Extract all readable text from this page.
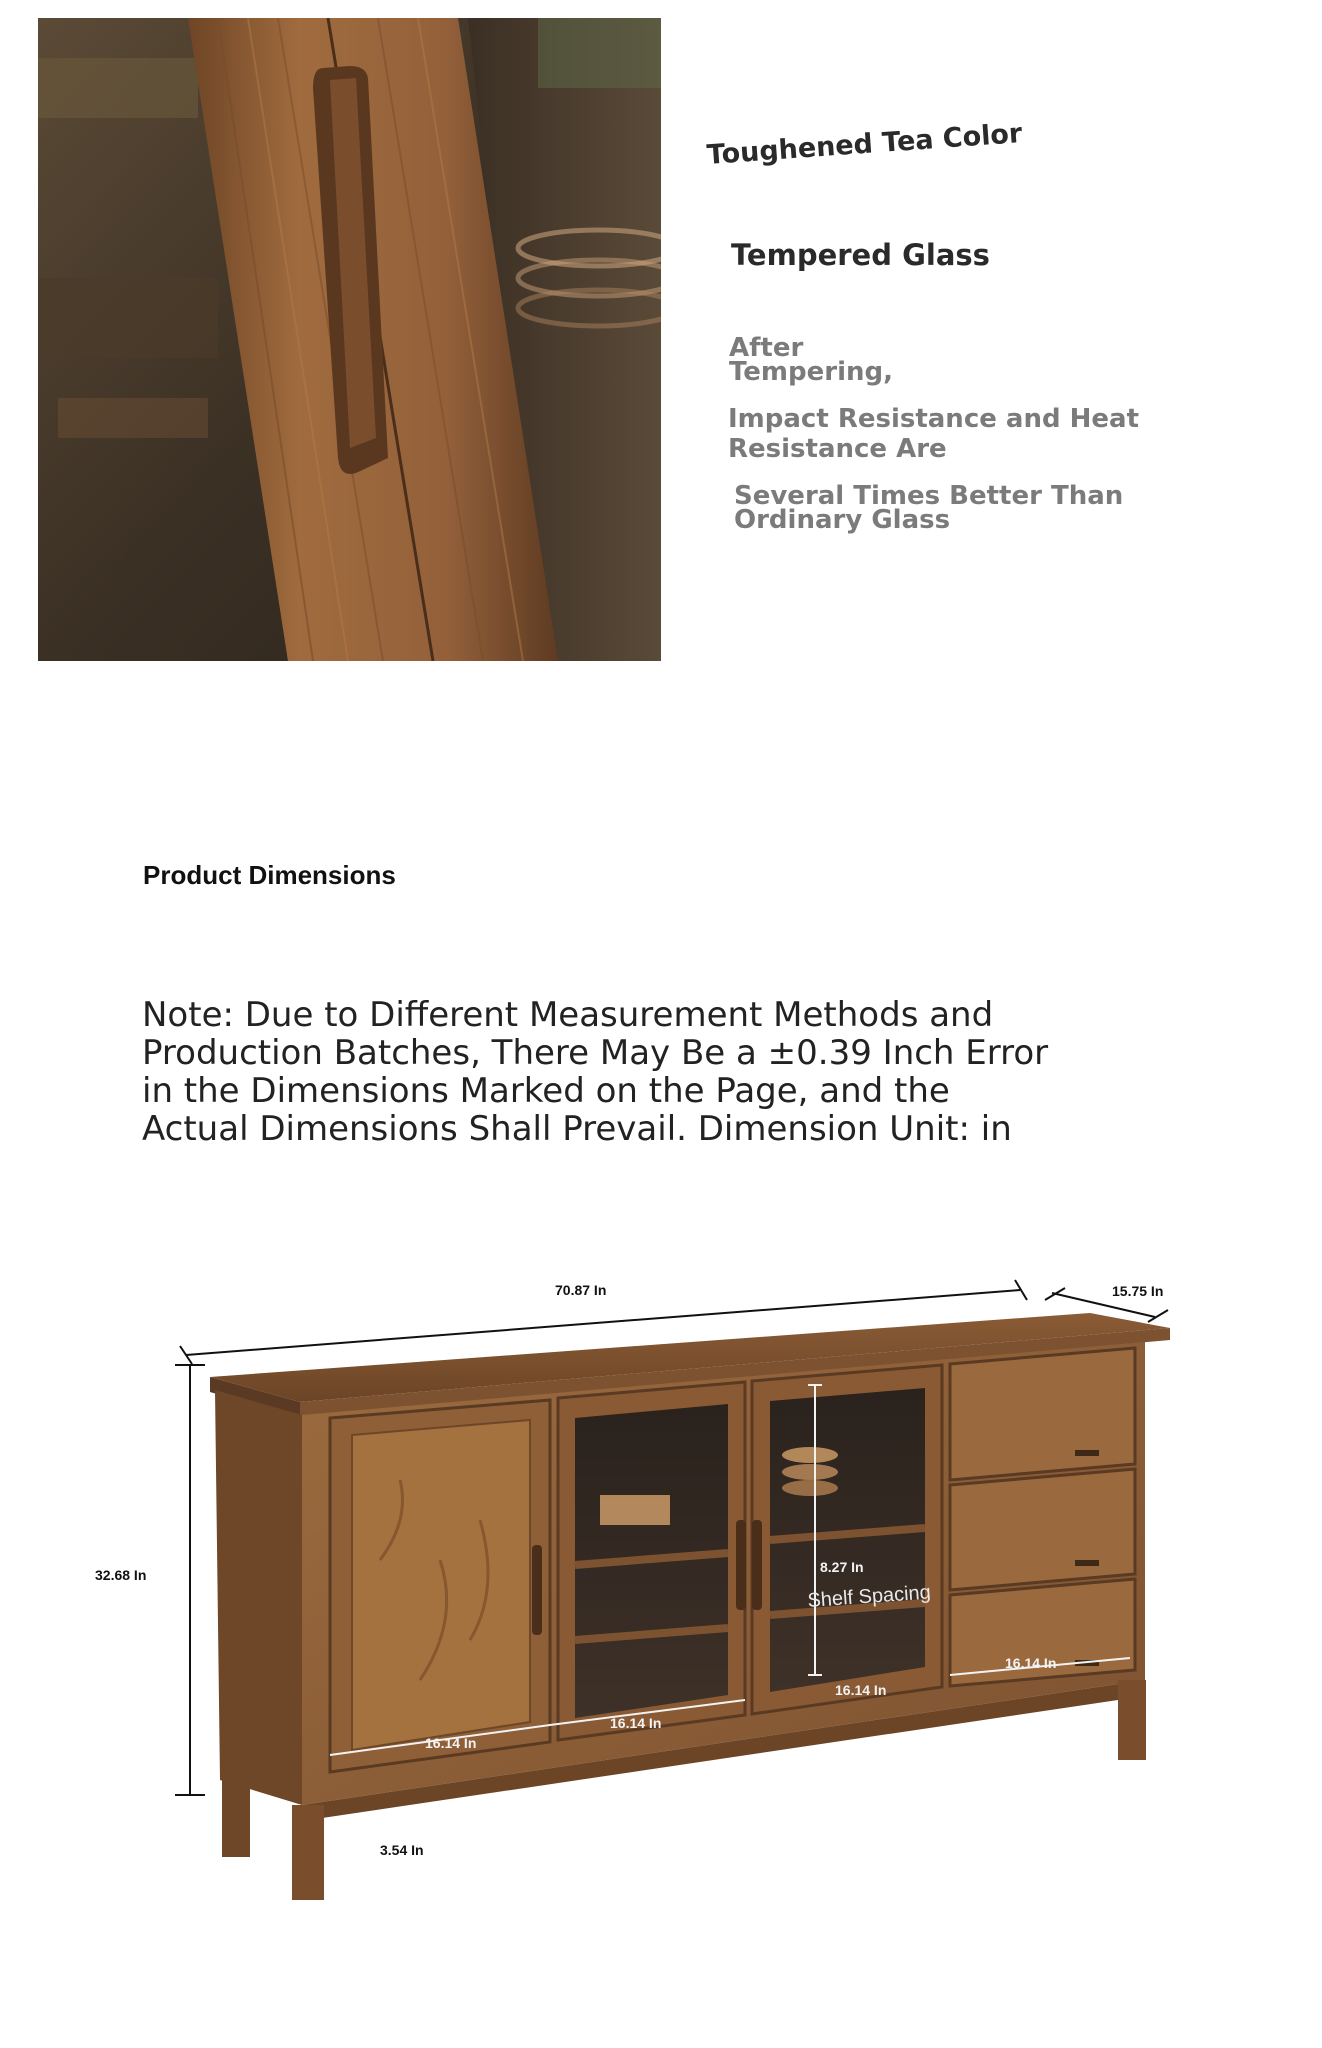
Toughened Tea Color
Tempered Glass
After
Tempering,
Impact Resistance and Heat
Resistance Are
Several Times Better Than
Ordinary Glass
Product Dimensions
Note: Due to Different Measurement Methods and
Production Batches, There May Be a ±0.39 Inch Error
in the Dimensions Marked on the Page, and the
Actual Dimensions Shall Prevail. Dimension Unit: in
70.87 In	15.75 In
32.68 In
3.54 In
16.14 In
16.14 In
16.14 In
16.14 In
8.27 In
Shelf Spacing
